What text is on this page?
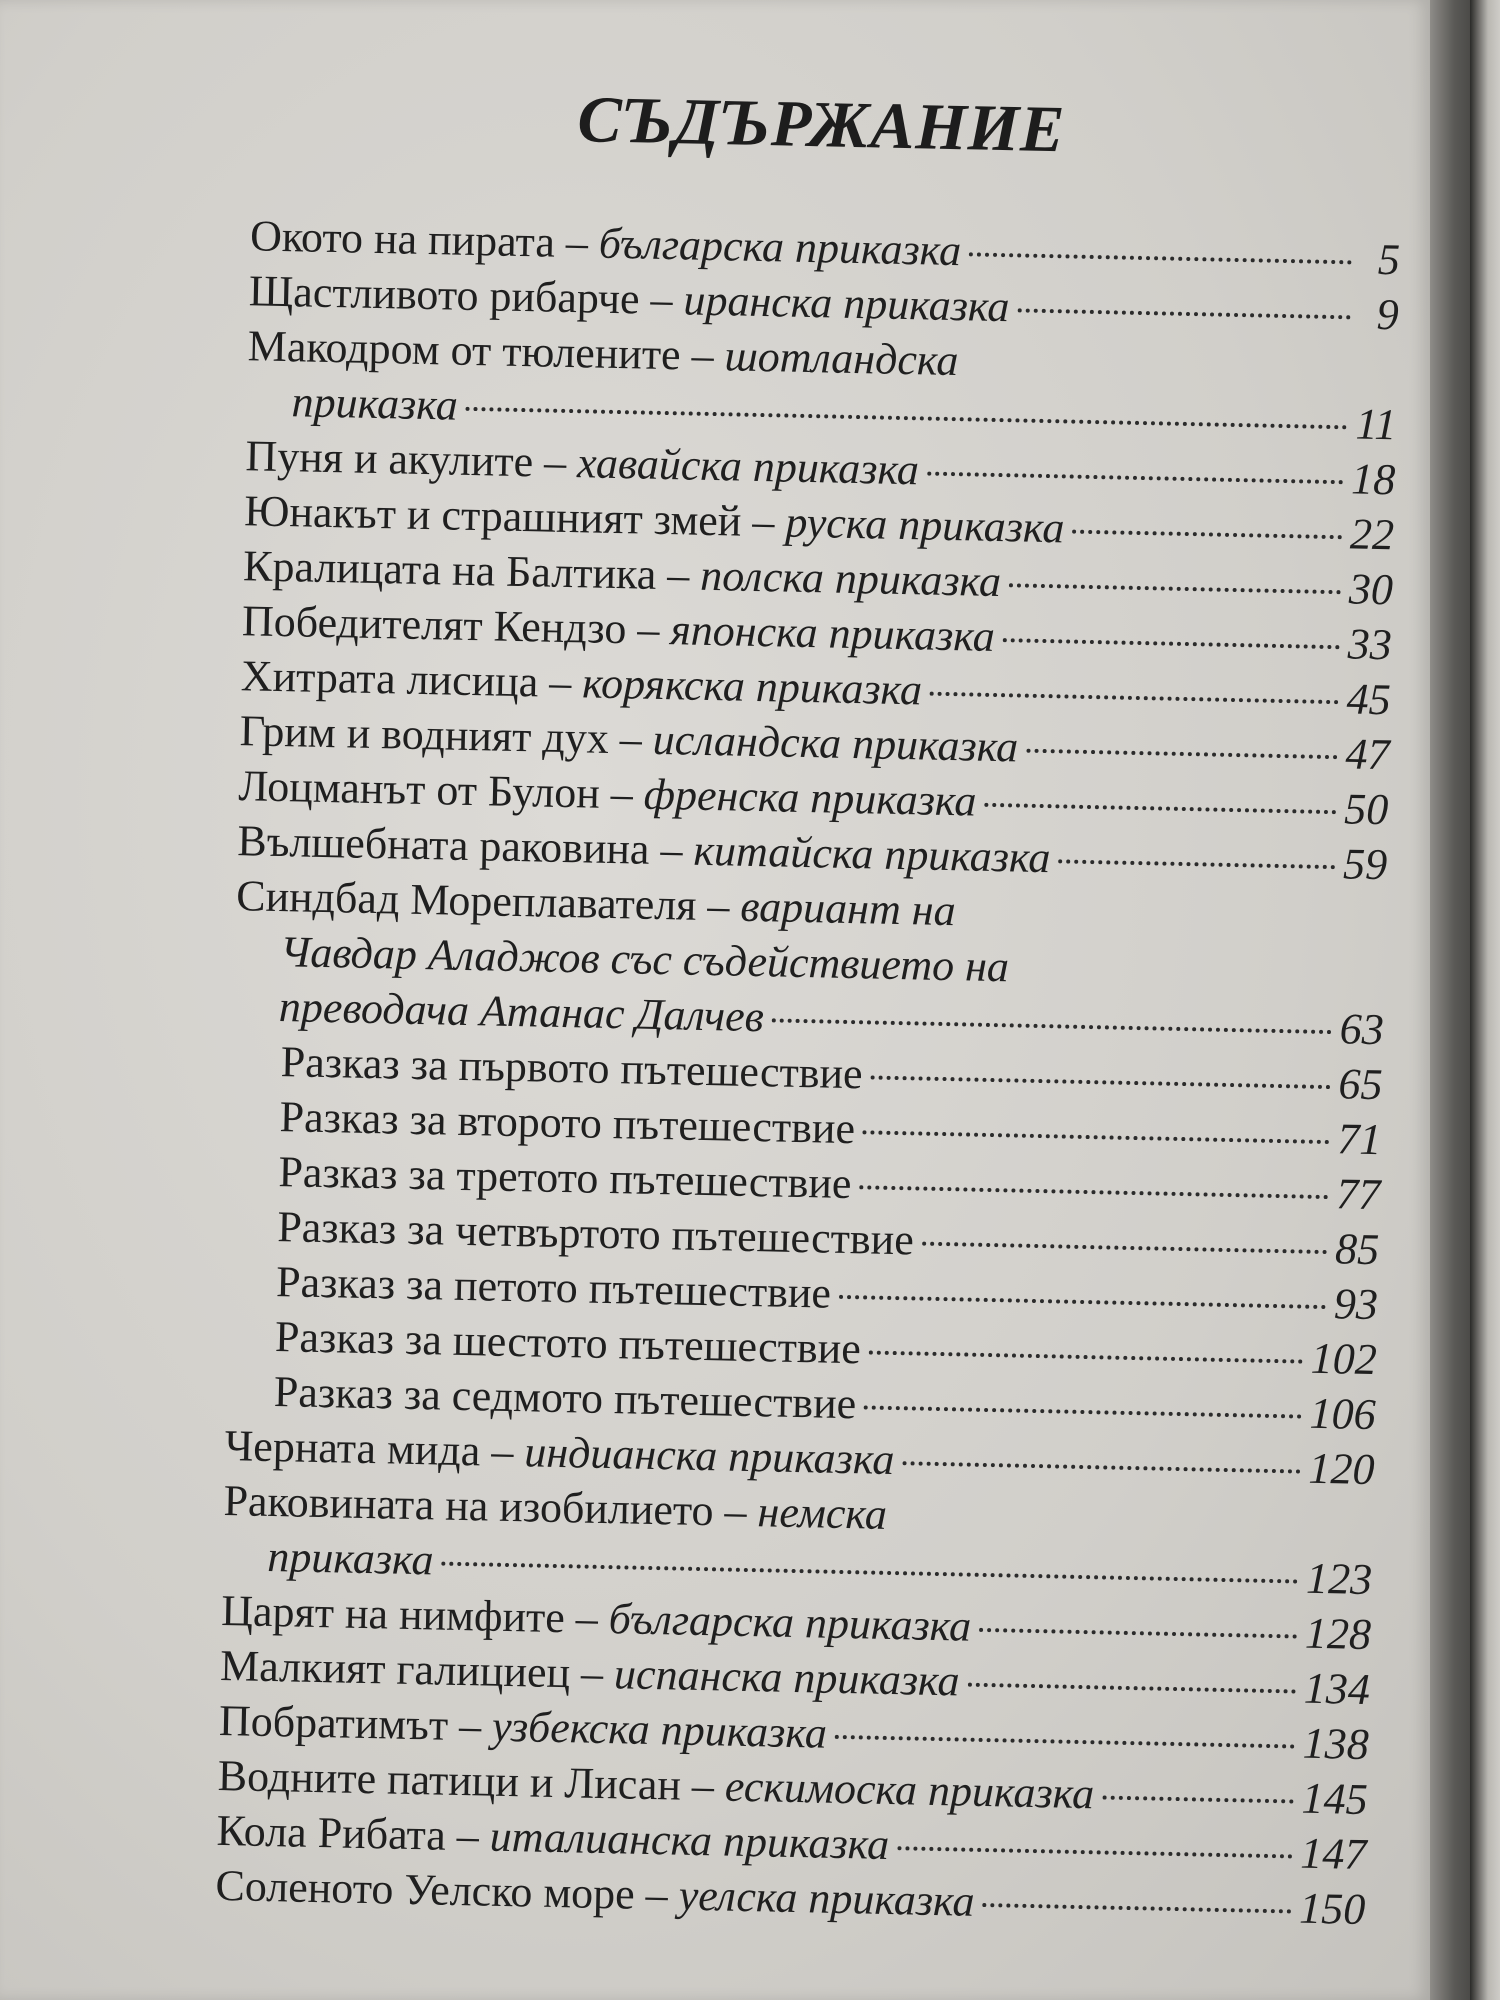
СЪДЪРЖАНИЕ
Окото на пирата – българска приказка	5
Щастливото рибарче – иранска приказка	9
Макодром от тюлените – шотландска
приказка	11
Пуня и акулите – хавайска приказка	18
Юнакът и страшният змей – руска приказка	22
Кралицата на Балтика – полска приказка	30
Победителят Кендзо – японска приказка	33
Хитрата лисица – корякска приказка	45
Грим и водният дух – исландска приказка	47
Лоцманът от Булон – френска приказка	50
Вълшебната раковина – китайска приказка	59
Синдбад Мореплавателя – вариант на
Чавдар Аладжов със съдействието на
преводача Атанас Далчев	63
Разказ за първото пътешествие	65
Разказ за второто пътешествие	71
Разказ за третото пътешествие	77
Разказ за четвъртото пътешествие	85
Разказ за петото пътешествие	93
Разказ за шестото пътешествие	102
Разказ за седмото пътешествие	106
Черната мида – индианска приказка	120
Раковината на изобилието – немска
приказка	123
Царят на нимфите – българска приказка	128
Малкият галициец – испанска приказка	134
Побратимът – узбекска приказка	138
Водните патици и Лисан – ескимоска приказка	145
Кола Рибата – италианска приказка	147
Соленото Уелско море – уелска приказка	150
